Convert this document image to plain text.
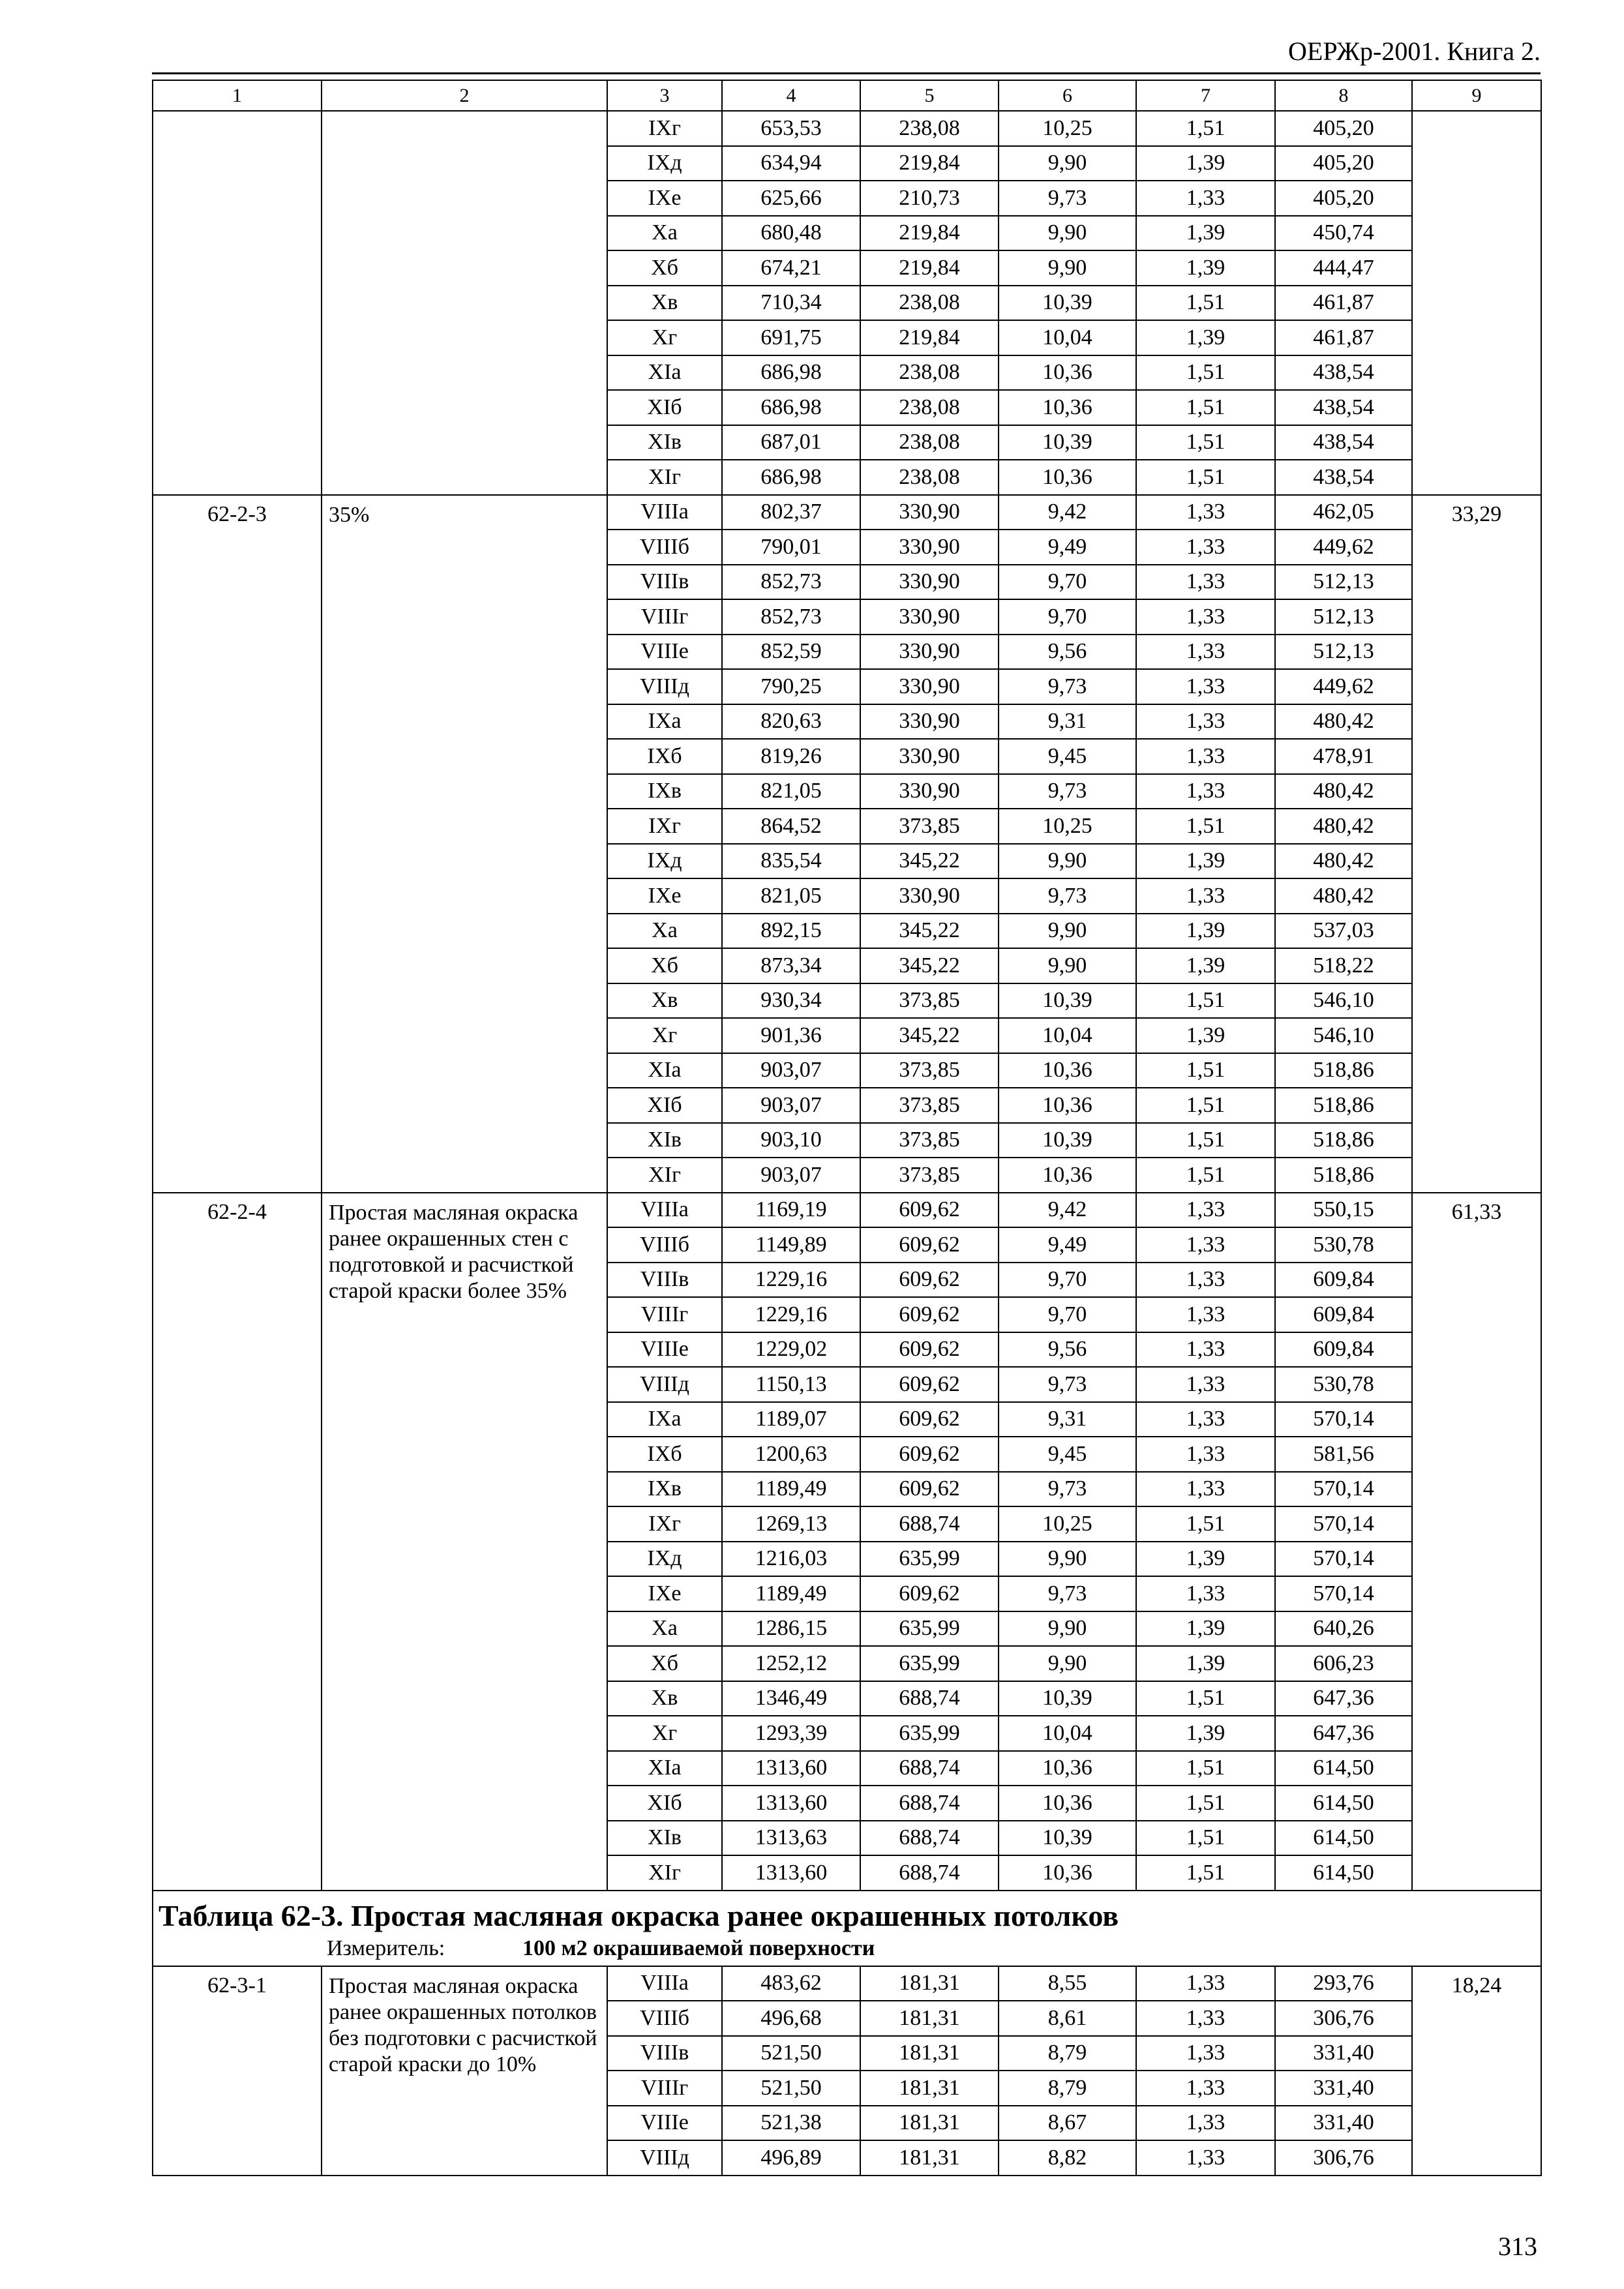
ОЕРЖр-2001. Книга 2.
1	2	3	4	5	6	7	8	9
		IXг	653,53	238,08	10,25	1,51	405,20	
		IXд	634,94	219,84	9,90	1,39	405,20	
		IXе	625,66	210,73	9,73	1,33	405,20	
		Xа	680,48	219,84	9,90	1,39	450,74	
		Xб	674,21	219,84	9,90	1,39	444,47	
		Xв	710,34	238,08	10,39	1,51	461,87	
		Xг	691,75	219,84	10,04	1,39	461,87	
		XIа	686,98	238,08	10,36	1,51	438,54	
		XIб	686,98	238,08	10,36	1,51	438,54	
		XIв	687,01	238,08	10,39	1,51	438,54	
		XIг	686,98	238,08	10,36	1,51	438,54	
62-2-3	35%	VIIIа	802,37	330,90	9,42	1,33	462,05	33,29
		VIIIб	790,01	330,90	9,49	1,33	449,62	
		VIIIв	852,73	330,90	9,70	1,33	512,13	
		VIIIг	852,73	330,90	9,70	1,33	512,13	
		VIIIе	852,59	330,90	9,56	1,33	512,13	
		VIIIд	790,25	330,90	9,73	1,33	449,62	
		IXа	820,63	330,90	9,31	1,33	480,42	
		IXб	819,26	330,90	9,45	1,33	478,91	
		IXв	821,05	330,90	9,73	1,33	480,42	
		IXг	864,52	373,85	10,25	1,51	480,42	
		IXд	835,54	345,22	9,90	1,39	480,42	
		IXе	821,05	330,90	9,73	1,33	480,42	
		Xа	892,15	345,22	9,90	1,39	537,03	
		Xб	873,34	345,22	9,90	1,39	518,22	
		Xв	930,34	373,85	10,39	1,51	546,10	
		Xг	901,36	345,22	10,04	1,39	546,10	
		XIа	903,07	373,85	10,36	1,51	518,86	
		XIб	903,07	373,85	10,36	1,51	518,86	
		XIв	903,10	373,85	10,39	1,51	518,86	
		XIг	903,07	373,85	10,36	1,51	518,86	
62-2-4	Простая масляная окраска ранее окрашенных стен с подготовкой и расчисткой старой краски более 35%	VIIIа	1169,19	609,62	9,42	1,33	550,15	61,33
		VIIIб	1149,89	609,62	9,49	1,33	530,78	
		VIIIв	1229,16	609,62	9,70	1,33	609,84	
		VIIIг	1229,16	609,62	9,70	1,33	609,84	
		VIIIе	1229,02	609,62	9,56	1,33	609,84	
		VIIIд	1150,13	609,62	9,73	1,33	530,78	
		IXа	1189,07	609,62	9,31	1,33	570,14	
		IXб	1200,63	609,62	9,45	1,33	581,56	
		IXв	1189,49	609,62	9,73	1,33	570,14	
		IXг	1269,13	688,74	10,25	1,51	570,14	
		IXд	1216,03	635,99	9,90	1,39	570,14	
		IXе	1189,49	609,62	9,73	1,33	570,14	
		Xа	1286,15	635,99	9,90	1,39	640,26	
		Xб	1252,12	635,99	9,90	1,39	606,23	
		Xв	1346,49	688,74	10,39	1,51	647,36	
		Xг	1293,39	635,99	10,04	1,39	647,36	
		XIа	1313,60	688,74	10,36	1,51	614,50	
		XIб	1313,60	688,74	10,36	1,51	614,50	
		XIв	1313,63	688,74	10,39	1,51	614,50	
		XIг	1313,60	688,74	10,36	1,51	614,50	

Таблица 62-3. Простая масляная окраска ранее окрашенных потолков
Измеритель: 100 м2 окрашиваемой поверхности								

62-3-1	Простая масляная окраска ранее окрашенных потолков без подготовки с расчисткой старой краски до 10%	VIIIа	483,62	181,31	8,55	1,33	293,76	18,24
		VIIIб	496,68	181,31	8,61	1,33	306,76	
		VIIIв	521,50	181,31	8,79	1,33	331,40	
		VIIIг	521,50	181,31	8,79	1,33	331,40	
		VIIIе	521,38	181,31	8,67	1,33	331,40	
		VIIIд	496,89	181,31	8,82	1,33	306,76	
313
